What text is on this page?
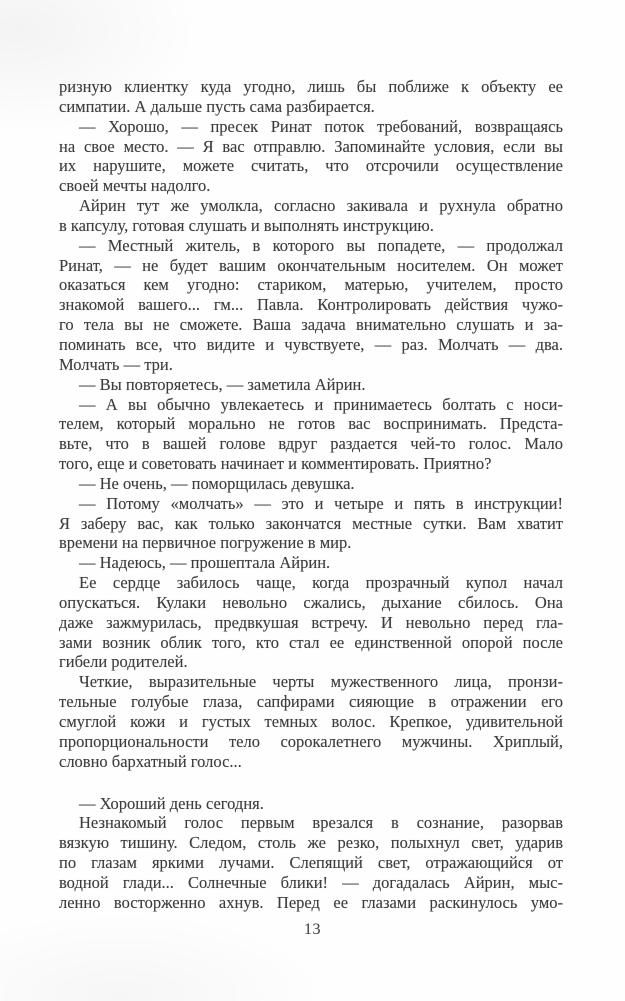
ризную клиентку куда угодно, лишь бы поближе к объекту ее
симпатии. А дальше пусть сама разбирается.
— Хорошо, — пресек Ринат поток требований, возвращаясь
на свое место. — Я вас отправлю. Запоминайте условия, если вы
их нарушите, можете считать, что отсрочили осуществление
своей мечты надолго.
Айрин тут же умолкла, согласно закивала и рухнула обратно
в капсулу, готовая слушать и выполнять инструкцию.
— Местный житель, в которого вы попадете, — продолжал
Ринат, — не будет вашим окончательным носителем. Он может
оказаться кем угодно: стариком, матерью, учителем, просто
знакомой вашего... гм... Павла. Контролировать действия чужо-
го тела вы не сможете. Ваша задача внимательно слушать и за-
поминать все, что видите и чувствуете, — раз. Молчать — два.
Молчать — три.
— Вы повторяетесь, — заметила Айрин.
— А вы обычно увлекаетесь и принимаетесь болтать с носи-
телем, который морально не готов вас воспринимать. Предста-
вьте, что в вашей голове вдруг раздается чей-то голос. Мало
того, еще и советовать начинает и комментировать. Приятно?
— Не очень, — поморщилась девушка.
— Потому «молчать» — это и четыре и пять в инструкции!
Я заберу вас, как только закончатся местные сутки. Вам хватит
времени на первичное погружение в мир.
— Надеюсь, — прошептала Айрин.
Ее сердце забилось чаще, когда прозрачный купол начал
опускаться. Кулаки невольно сжались, дыхание сбилось. Она
даже зажмурилась, предвкушая встречу. И невольно перед гла-
зами возник облик того, кто стал ее единственной опорой после
гибели родителей.
Четкие, выразительные черты мужественного лица, пронзи-
тельные голубые глаза, сапфирами сияющие в отражении его
смуглой кожи и густых темных волос. Крепкое, удивительной
пропорциональности тело сорокалетнего мужчины. Хриплый,
словно бархатный голос...
— Хороший день сегодня.
Незнакомый голос первым врезался в сознание, разорвав
вязкую тишину. Следом, столь же резко, полыхнул свет, ударив
по глазам яркими лучами. Слепящий свет, отражающийся от
водной глади... Солнечные блики! — догадалась Айрин, мыс-
ленно восторженно ахнув. Перед ее глазами раскинулось умо-
13
